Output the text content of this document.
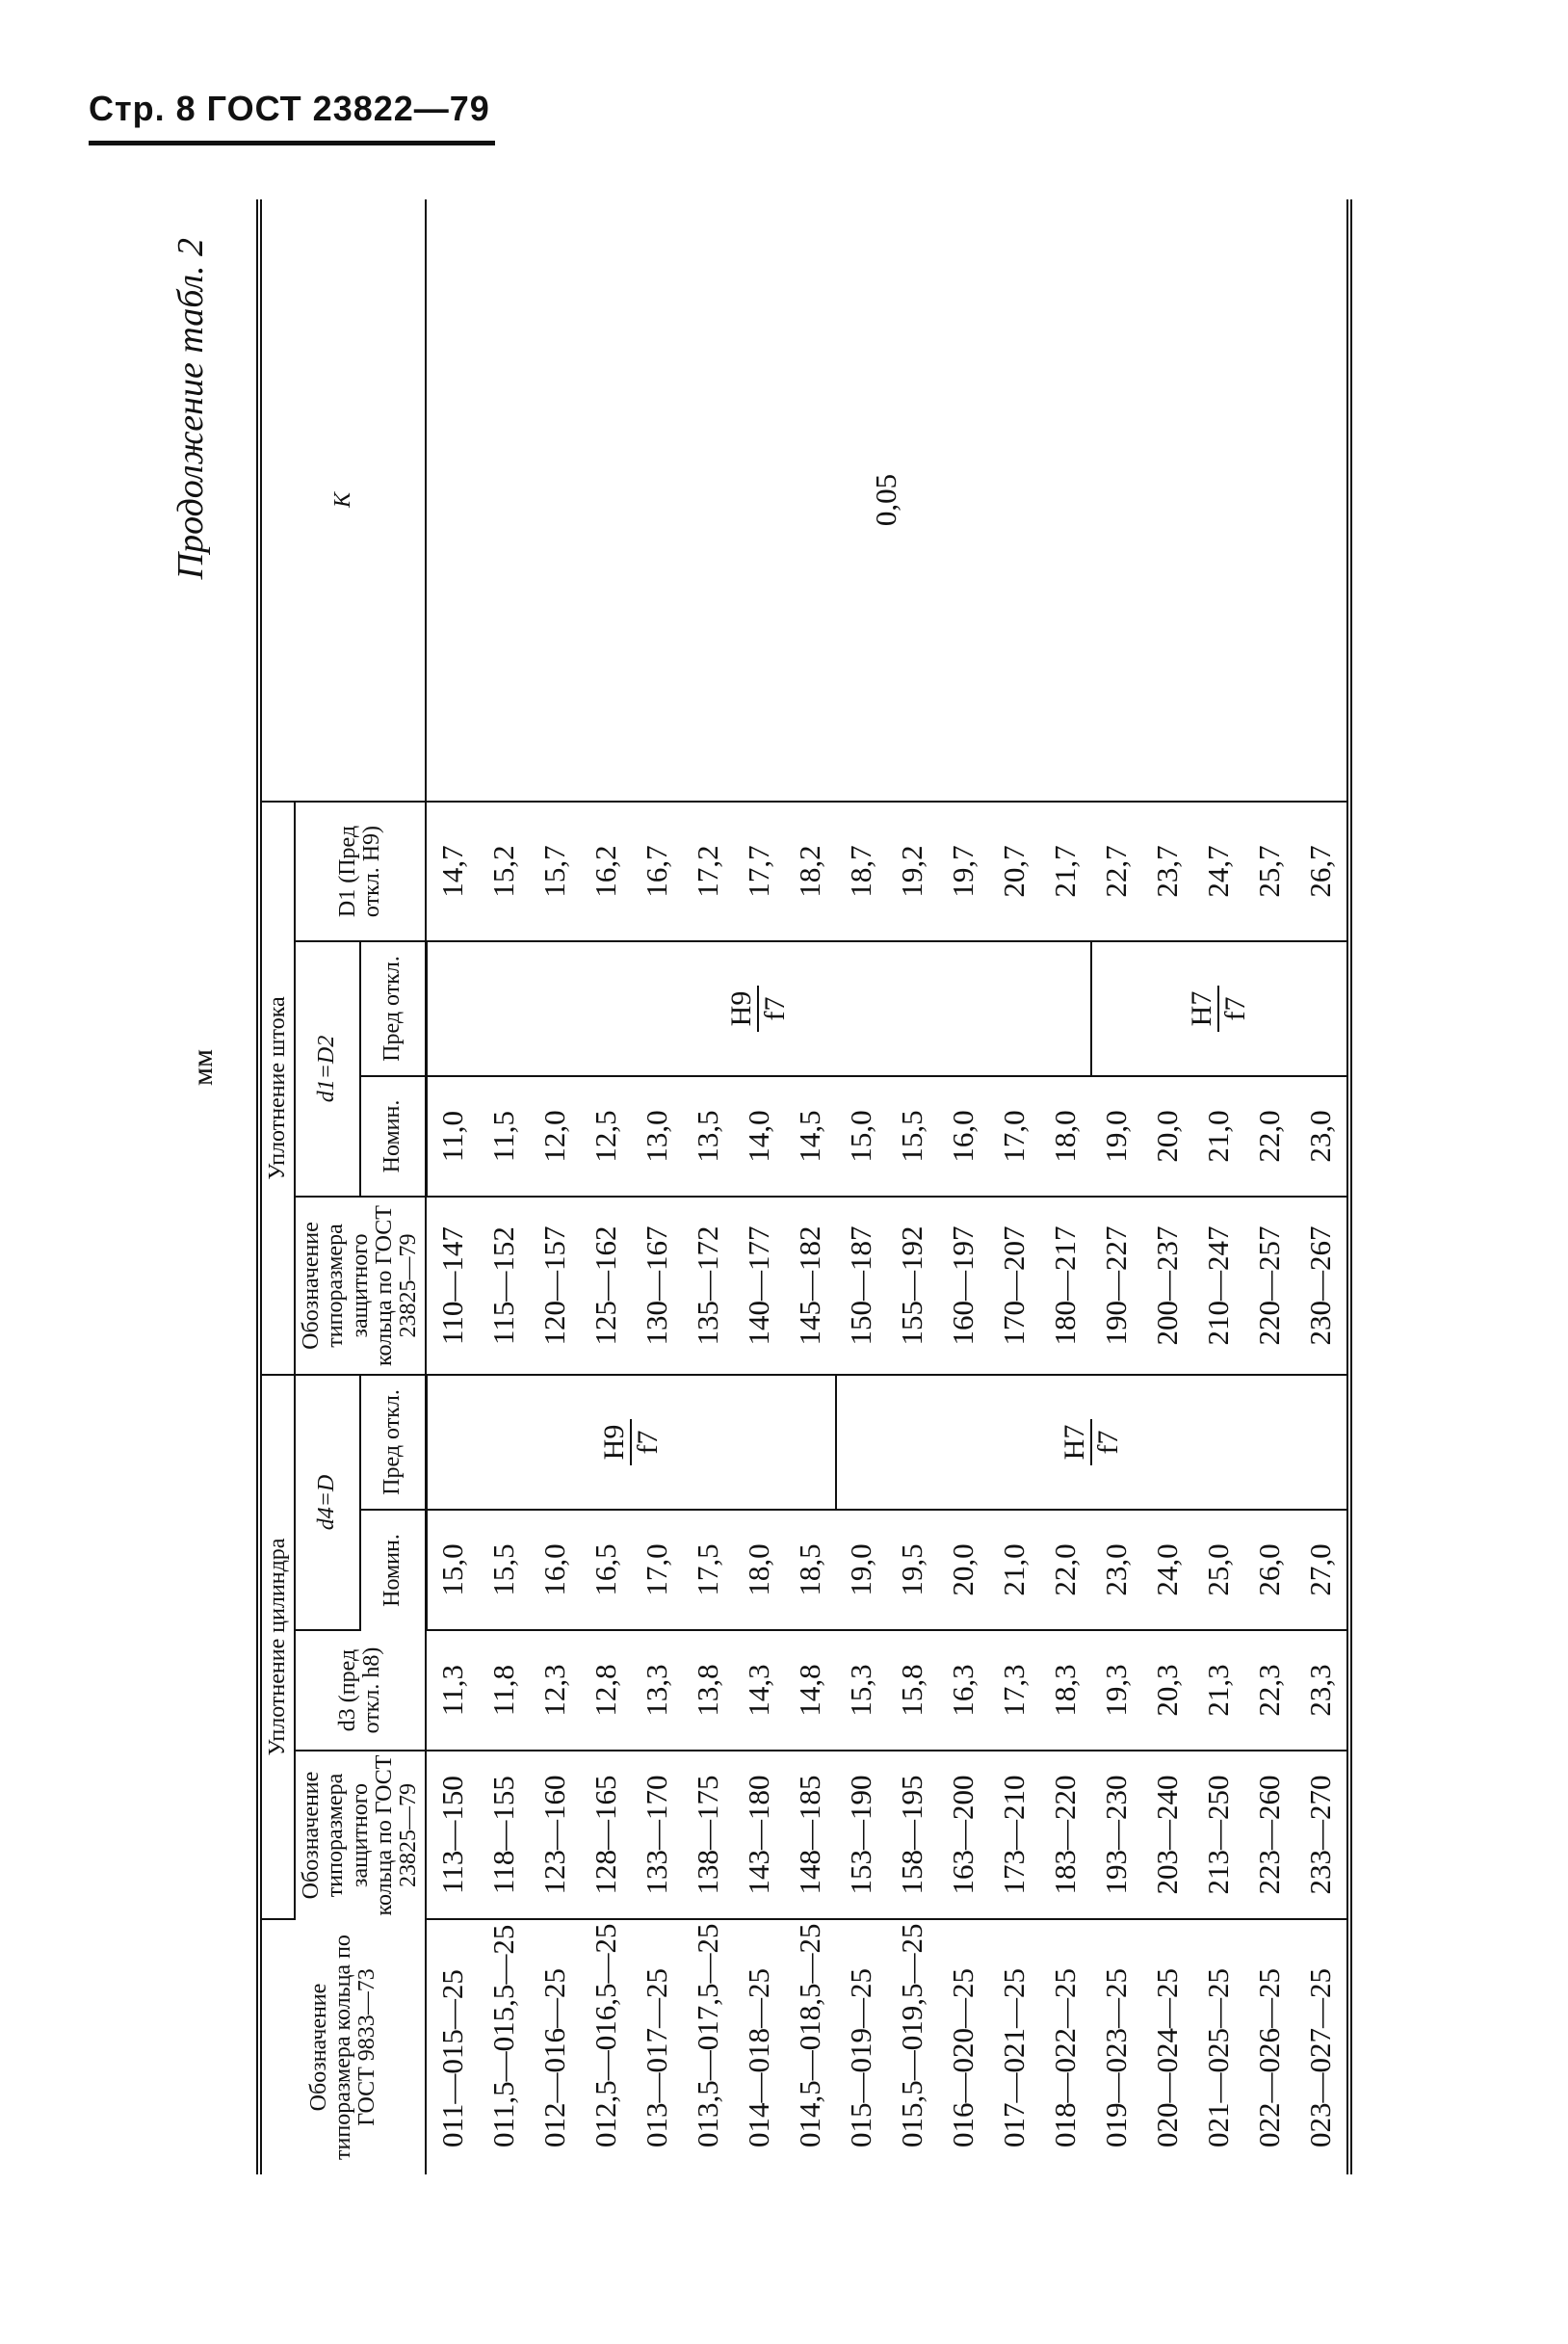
Стр. 8 ГОСТ 23822—79
Продолжение табл. 2
мм
Обозначение типоразмера кольца по ГОСТ 9833—73	Уплотнение цилиндра				Уплотнение штока				K
	Обозначение типоразмера защитного кольца по ГОСТ 23825—79	d3 (пред откл. h8)	d4=D		Обозначение типоразмера защитного кольца по ГОСТ 23825—79	d1=D2		D1 (Пред откл. H9)	
			Номин.	Пред откл.		Номин.	Пред откл.		
011—015—25	113—150	11,3	15,0	H9 f7	110—147	11,0	H9 f7	14,7	0,05
011,5—015,5—25	118—155	11,8	15,5		115—152	11,5		15,2	
012—016—25	123—160	12,3	16,0		120—157	12,0		15,7	
012,5—016,5—25	128—165	12,8	16,5		125—162	12,5		16,2	
013—017—25	133—170	13,3	17,0		130—167	13,0		16,7	
013,5—017,5—25	138—175	13,8	17,5		135—172	13,5		17,2	
014—018—25	143—180	14,3	18,0		140—177	14,0		17,7	
014,5—018,5—25	148—185	14,8	18,5		145—182	14,5		18,2	
015—019—25	153—190	15,3	19,0	H7 f7	150—187	15,0		18,7	
015,5—019,5—25	158—195	15,8	19,5		155—192	15,5		19,2	
016—020—25	163—200	16,3	20,0		160—197	16,0		19,7	
017—021—25	173—210	17,3	21,0		170—207	17,0		20,7	
018—022—25	183—220	18,3	22,0		180—217	18,0		21,7	
019—023—25	193—230	19,3	23,0		190—227	19,0	H7 f7	22,7	
020—024—25	203—240	20,3	24,0		200—237	20,0		23,7	
021—025—25	213—250	21,3	25,0		210—247	21,0		24,7	
022—026—25	223—260	22,3	26,0		220—257	22,0		25,7	
023—027—25	233—270	23,3	27,0		230—267	23,0		26,7	
